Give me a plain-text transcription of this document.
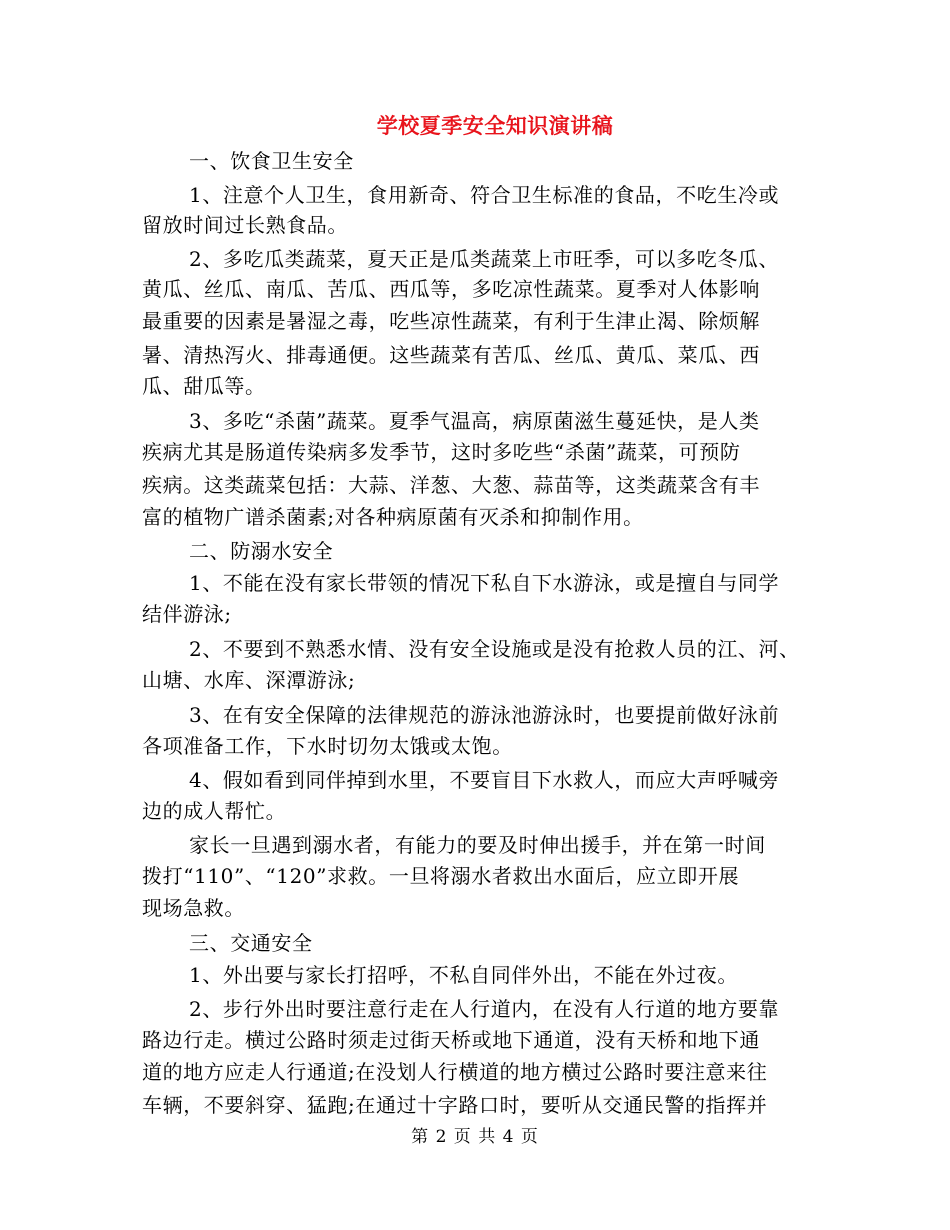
学校夏季安全知识演讲稿
一、饮食卫生安全
1、注意个人卫生，食用新奇、符合卫生标准的食品，不吃生冷或
留放时间过长熟食品。
2、多吃瓜类蔬菜，夏天正是瓜类蔬菜上市旺季，可以多吃冬瓜、
黄瓜、丝瓜、南瓜、苦瓜、西瓜等，多吃凉性蔬菜。夏季对人体影响
最重要的因素是暑湿之毒，吃些凉性蔬菜，有利于生津止渴、除烦解
暑、清热泻火、排毒通便。这些蔬菜有苦瓜、丝瓜、黄瓜、菜瓜、西
瓜、甜瓜等。
3、多吃“杀菌”蔬菜。夏季气温高，病原菌滋生蔓延快，是人类
疾病尤其是肠道传染病多发季节，这时多吃些“杀菌”蔬菜，可预防
疾病。这类蔬菜包括：大蒜、洋葱、大葱、蒜苗等，这类蔬菜含有丰
富的植物广谱杀菌素;对各种病原菌有灭杀和抑制作用。
二、防溺水安全
1、不能在没有家长带领的情况下私自下水游泳，或是擅自与同学
结伴游泳;
2、不要到不熟悉水情、没有安全设施或是没有抢救人员的江、河、
山塘、水库、深潭游泳;
3、在有安全保障的法律规范的游泳池游泳时，也要提前做好泳前
各项准备工作，下水时切勿太饿或太饱。
4、假如看到同伴掉到水里，不要盲目下水救人，而应大声呼喊旁
边的成人帮忙。
家长一旦遇到溺水者，有能力的要及时伸出援手，并在第一时间
拨打“110”、“120”求救。一旦将溺水者救出水面后，应立即开展
现场急救。
三、交通安全
1、外出要与家长打招呼，不私自同伴外出，不能在外过夜。
2、步行外出时要注意行走在人行道内，在没有人行道的地方要靠
路边行走。横过公路时须走过街天桥或地下通道，没有天桥和地下通
道的地方应走人行通道;在没划人行横道的地方横过公路时要注意来往
车辆，不要斜穿、猛跑;在通过十字路口时，要听从交通民警的指挥并
第 2 页 共 4 页
